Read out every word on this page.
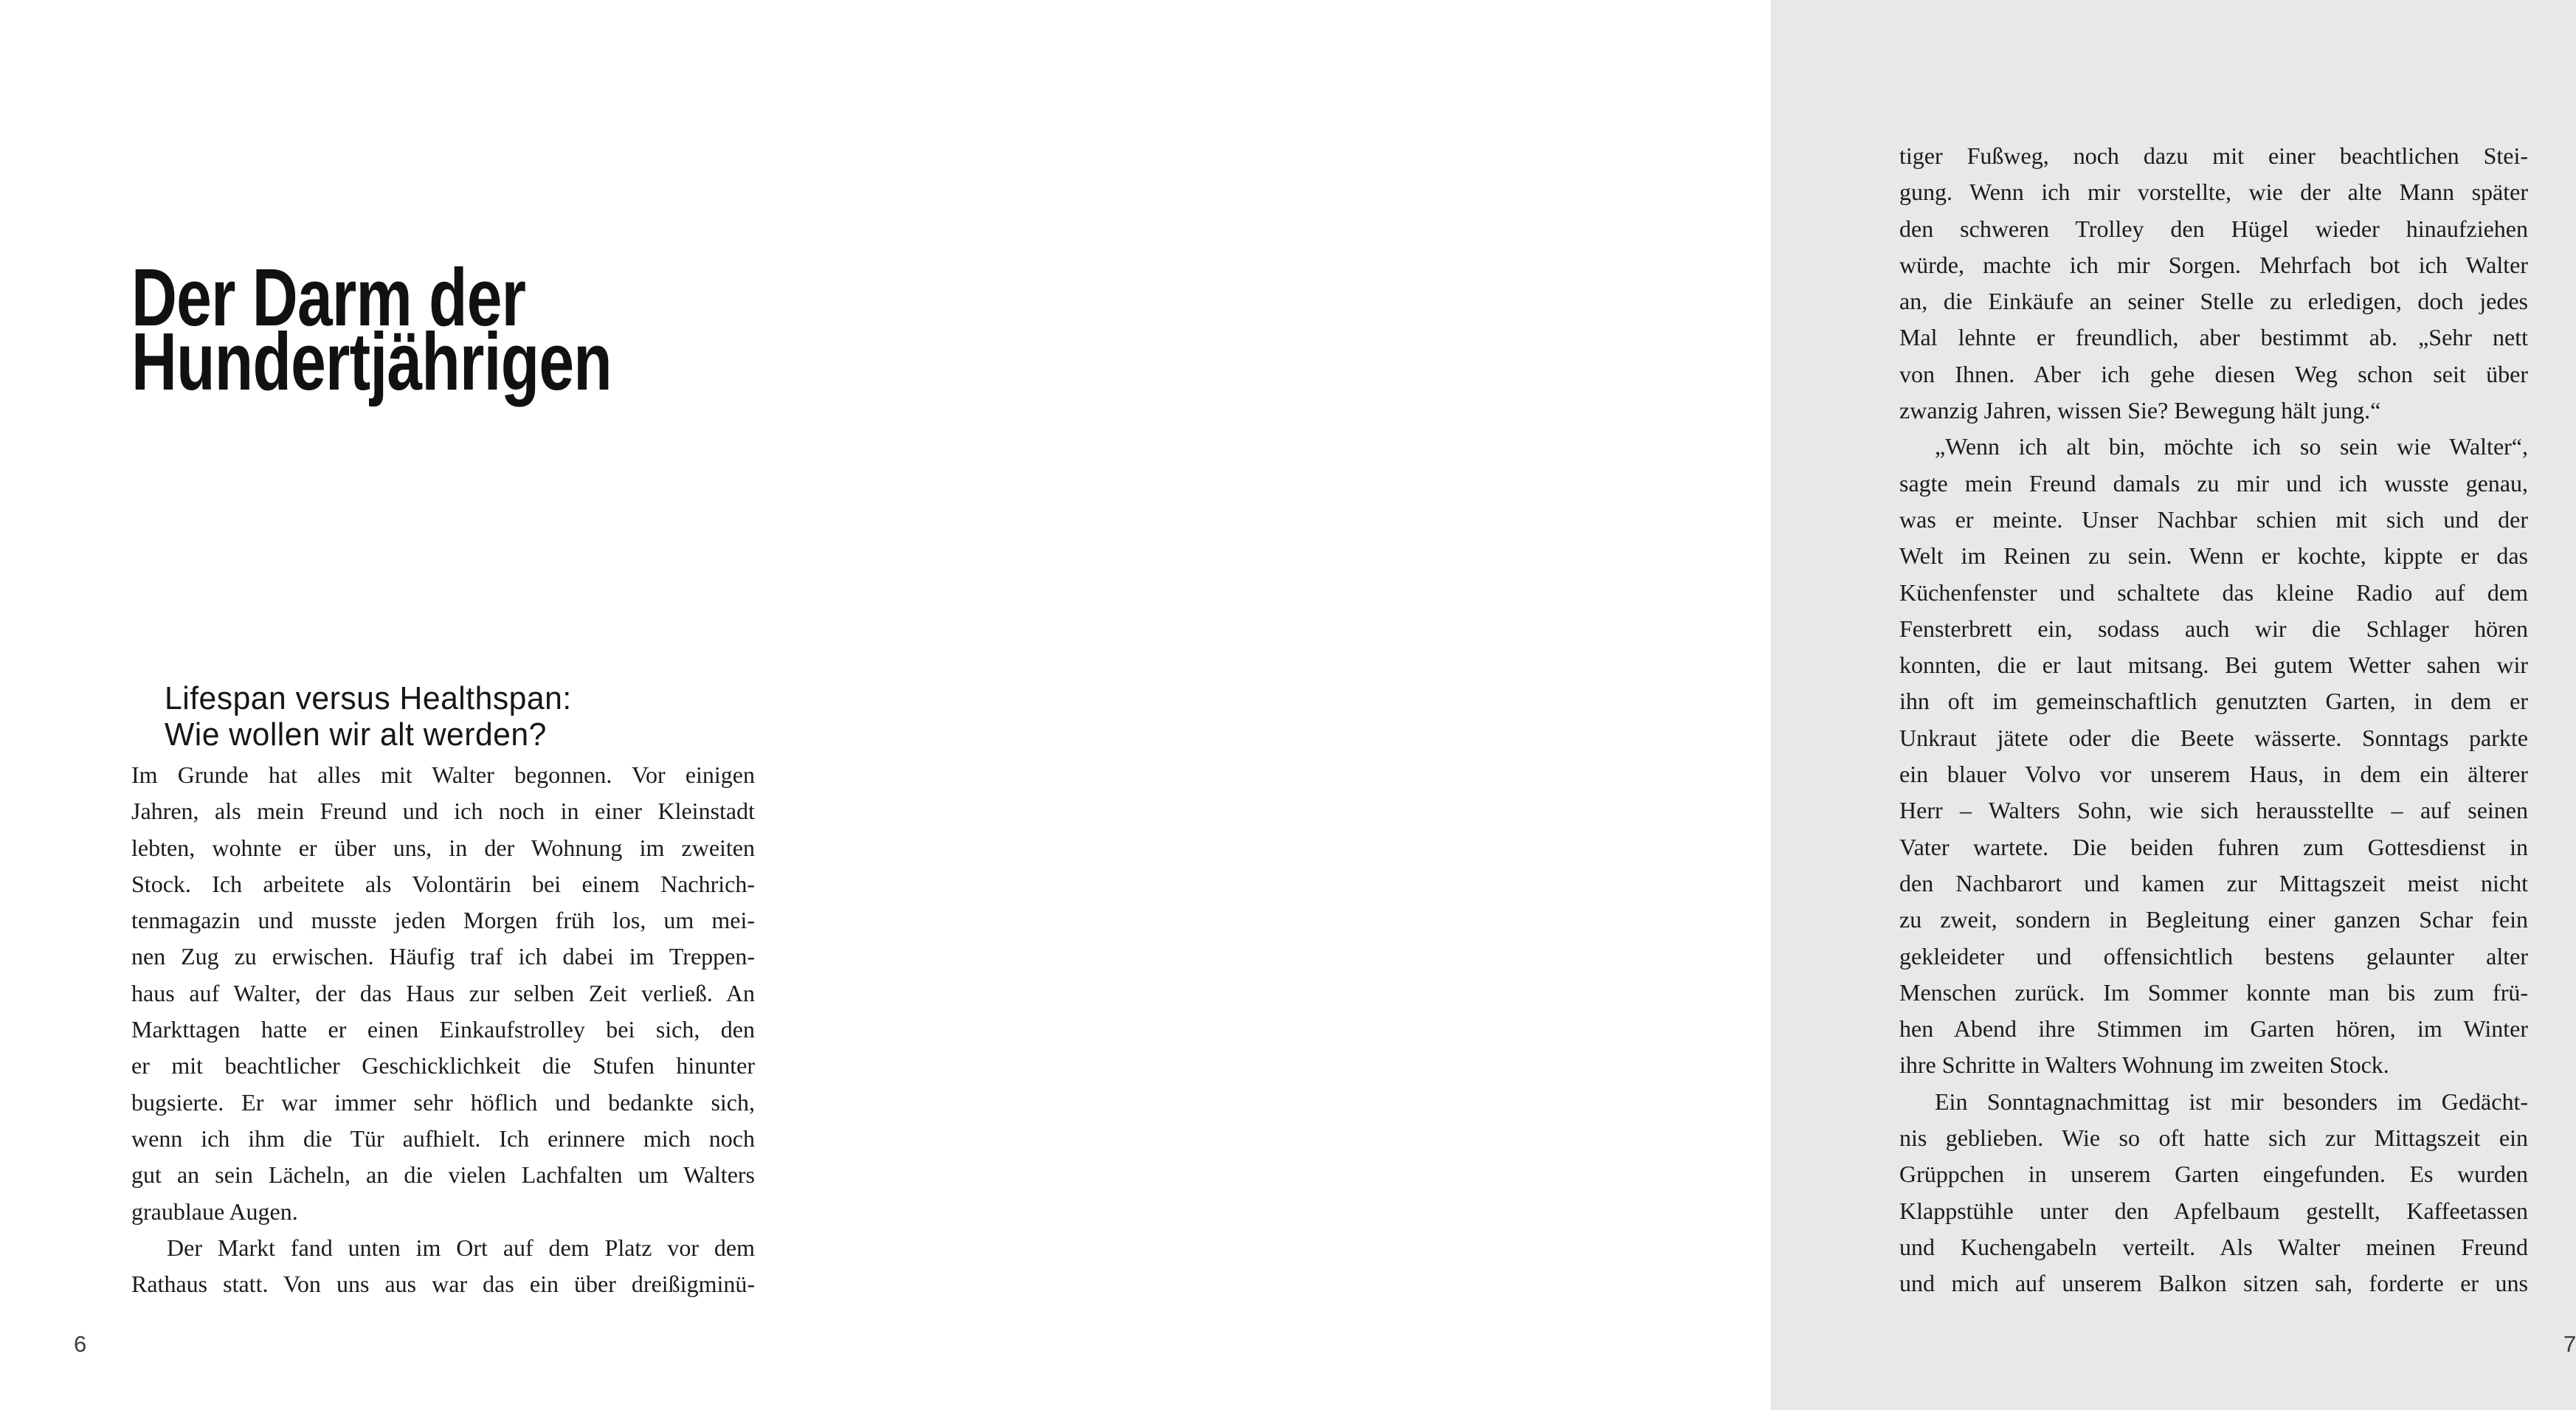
Der Darm der
Hundertjährigen
Lifespan versus Healthspan:
Wie wollen wir alt werden?
Im Grunde hat alles mit Walter begonnen. Vor einigen
Jahren, als mein Freund und ich noch in einer Kleinstadt
lebten, wohnte er über uns, in der Wohnung im zweiten
Stock. Ich arbeitete als Volontärin bei einem Nachrich-
tenmagazin und musste jeden Morgen früh los, um mei-
nen Zug zu erwischen. Häufig traf ich dabei im Treppen-
haus auf Walter, der das Haus zur selben Zeit verließ. An
Markttagen hatte er einen Einkaufstrolley bei sich, den
er mit beachtlicher Geschicklichkeit die Stufen hinunter
bugsierte. Er war immer sehr höflich und bedankte sich,
wenn ich ihm die Tür aufhielt. Ich erinnere mich noch
gut an sein Lächeln, an die vielen Lachfalten um Walters
graublaue Augen.
Der Markt fand unten im Ort auf dem Platz vor dem
Rathaus statt. Von uns aus war das ein über dreißigminü-
6
tiger Fußweg, noch dazu mit einer beachtlichen Stei-
gung. Wenn ich mir vorstellte, wie der alte Mann später
den schweren Trolley den Hügel wieder hinaufziehen
würde, machte ich mir Sorgen. Mehrfach bot ich Walter
an, die Einkäufe an seiner Stelle zu erledigen, doch jedes
Mal lehnte er freundlich, aber bestimmt ab. „Sehr nett
von Ihnen. Aber ich gehe diesen Weg schon seit über
zwanzig Jahren, wissen Sie? Bewegung hält jung.“
„Wenn ich alt bin, möchte ich so sein wie Walter“,
sagte mein Freund damals zu mir und ich wusste genau,
was er meinte. Unser Nachbar schien mit sich und der
Welt im Reinen zu sein. Wenn er kochte, kippte er das
Küchenfenster und schaltete das kleine Radio auf dem
Fensterbrett ein, sodass auch wir die Schlager hören
konnten, die er laut mitsang. Bei gutem Wetter sahen wir
ihn oft im gemeinschaftlich genutzten Garten, in dem er
Unkraut jätete oder die Beete wässerte. Sonntags parkte
ein blauer Volvo vor unserem Haus, in dem ein älterer
Herr – Walters Sohn, wie sich herausstellte – auf seinen
Vater wartete. Die beiden fuhren zum Gottesdienst in
den Nachbarort und kamen zur Mittagszeit meist nicht
zu zweit, sondern in Begleitung einer ganzen Schar fein
gekleideter und offensichtlich bestens gelaunter alter
Menschen zurück. Im Sommer konnte man bis zum frü-
hen Abend ihre Stimmen im Garten hören, im Winter
ihre Schritte in Walters Wohnung im zweiten Stock.
Ein Sonntagnachmittag ist mir besonders im Gedächt-
nis geblieben. Wie so oft hatte sich zur Mittagszeit ein
Grüppchen in unserem Garten eingefunden. Es wurden
Klappstühle unter den Apfelbaum gestellt, Kaffeetassen
und Kuchengabeln verteilt. Als Walter meinen Freund
und mich auf unserem Balkon sitzen sah, forderte er uns
7
